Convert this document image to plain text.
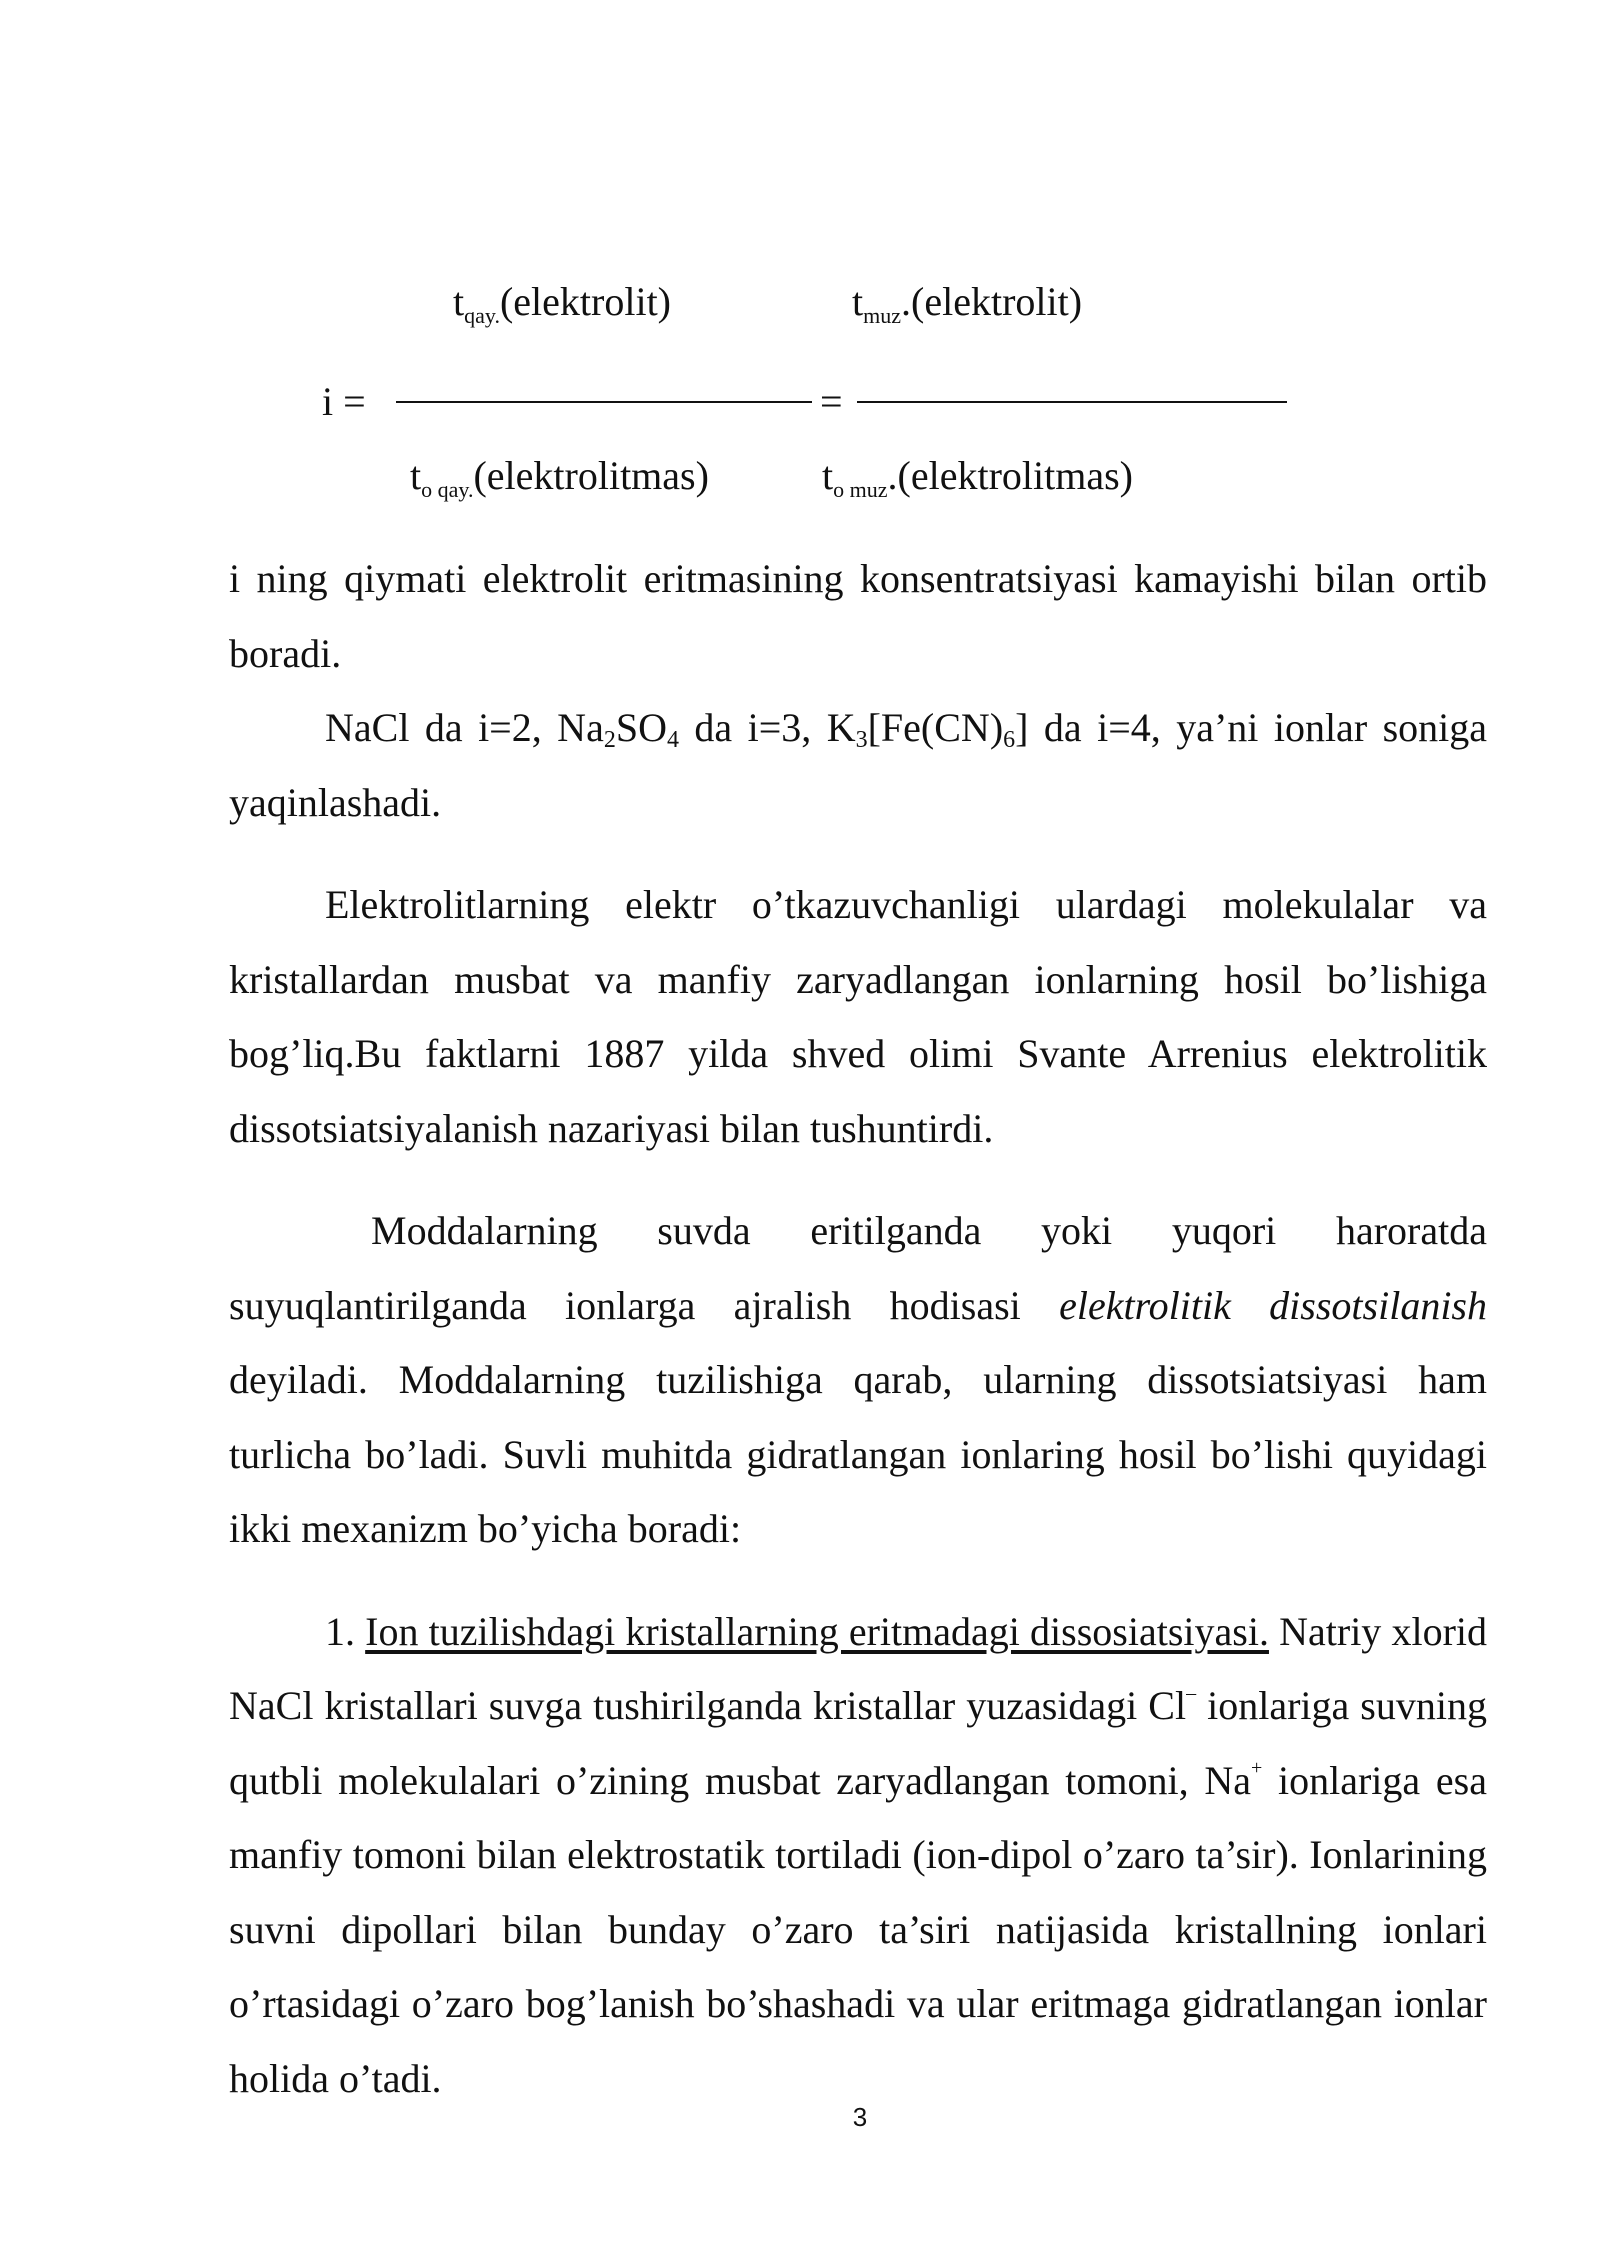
$t_{qay.}(elektrolit)$	$t_{muz}.(elektrolit)$
i =	=
$t_{o qay.}(elektrolitmas)$	$t_{o muz}.(elektrolitmas)$

i ning qiymati elektrolit eritmasining konsentratsiyasi kamayishi bilan ortib boradi.

NaCl da i=2, $Na_2SO_4$ da i=3, $K_3[Fe(CN)_6]$ da i=4, ya’ni ionlar soniga yaqinlashadi.

Elektrolitlarning elektr o’tkazuvchanligi ulardagi molekulalar va kristallardan musbat va manfiy zaryadlangan ionlarning hosil bo’lishiga bog’liq.Bu faktlarni 1887 yilda shved olimi Svante Arrenius elektrolitik dissotsiatsiyalanish nazariyasi bilan tushuntirdi.

Moddalarning suvda eritilganda yoki yuqori haroratda suyuqlantirilganda ionlarga ajralish hodisasi elektrolitik dissotsilanish deyiladi. Moddalarning tuzilishiga qarab, ularning dissotsiatsiyasi ham turlicha bo’ladi. Suvli muhitda gidratlangan ionlaring hosil bo’lishi quyidagi ikki mexanizm bo’yicha boradi:

1. Ion tuzilishdagi kristallarning eritmadagi dissosiatsiyasi. Natriy xlorid NaCl kristallari suvga tushirilganda kristallar yuzasidagi Cl– ionlariga suvning qutbli molekulalari o’zining musbat zaryadlangan tomoni, Na+ ionlariga esa manfiy tomoni bilan elektrostatik tortiladi (ion-dipol o’zaro ta’sir). Ionlarining suvni dipollari bilan bunday o’zaro ta’siri natijasida kristallning ionlari o’rtasidagi o’zaro bog’lanish bo’shashadi va ular eritmaga gidratlangan ionlar holida o’tadi.

3
